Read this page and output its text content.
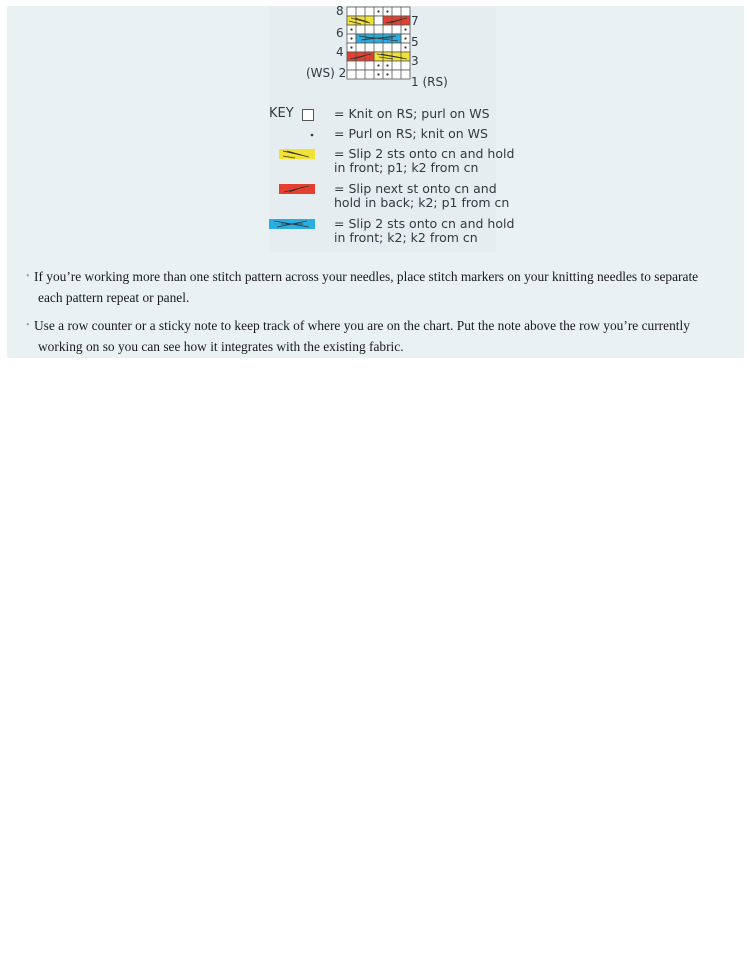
8
6
4
(WS) 2
7
5
3
1 (RS)
KEY	= Knit on RS; purl on WS
= Purl on RS; knit on WS
= Slip 2 sts onto cn and hold
in front; p1; k2 from cn
= Slip next st onto cn and
hold in back; k2; p1 from cn
= Slip 2 sts onto cn and hold
in front; k2; k2 from cn
• If you’re working more than one stitch pattern across your needles, place stitch markers on your knitting needles to separate
each pattern repeat or panel.
• Use a row counter or a sticky note to keep track of where you are on the chart. Put the note above the row you’re currently
working on so you can see how it integrates with the existing fabric.
